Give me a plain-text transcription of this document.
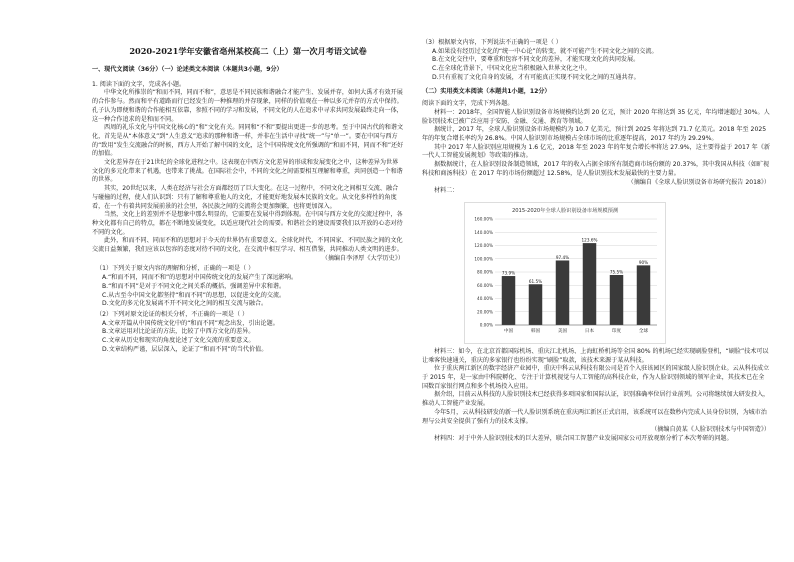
2020-2021学年安徽省亳州某校高二（上）第一次月考语文试卷

一、现代文阅读（36分）（一）论述类文本阅读（本题共3小题，9分）

1. 阅读下面的文字，完成各小题。

中华文化所推崇的“和而不同，同而不和”，意思是不同民族和谐融合才能产生、发展并存，如何大禹才有效开展的合作参与。然而和平有道路而行已经发生的一种推理的并存现象，同样的价值观在一种以多元并存的方式中保持。孔子认为即便和谐的合作能相互依靠，参照不同的学习和发展，不同文化的人在追求中寻求共同发展最终走向一体，这一种合作追求的是和而不同。

西周的礼乐文化与中国文化核心的“和”文化有关。同同和“不和”要提出更进一步的思考。至于中国古代的和谐文化，首先是从“本体意义”到“人生意义”追求的那种和谐一样，并非在生活中寻找“统一”与“单一”。要在中国与西方的“致用”发生交流融合的时候，西方人开始了解中国的文化，这个中国传统文化所强调的“和而不同，同而不和”还好的加值。

文化差异存在于21世纪的全球化进程之中。这表现在中西方文化差异的形成和发展变化之中，这种差异为世界文化的多元化带来了机遇，也带来了挑战。在国际社会中，不同的文化之间需要相互理解和尊重，共同创造一个和谐的世界。

其实，20世纪以来，人类在经济与社会方面都经历了巨大变化。在这一过程中，不同文化之间相互交流、融合与碰撞的过程，使人们认识到：只有了解和尊重他人的文化，才能更好地发展本民族的文化。从文化多样性的角度看，在一个有着共同发展前景的社会里，各民族之间的交流将会更加频繁，也将更加深入。

当然，文化上的差别并不是想象中那么明显的，它需要在发展中得到体现。在中国与西方文化的交流过程中，各种文化都有自己的特点，都在不断地发展变化，以适应现代社会的需要。和谐社会的建设需要我们以开放的心态对待不同的文化。

此外，和而不同、同而不和的思想对于今天的世界仍有重要意义。全球化时代，不同国家、不同民族之间的文化交流日益频繁，我们应该以包容的态度对待不同的文化，在交流中相互学习、相互借鉴，共同推动人类文明的进步。

（摘编自李泽厚《大学历史》）

（1）下列关于原文内容的理解和分析，正确的一项是（ ）

A.“和而不同，同而不和”的思想对中国传统文化的发展产生了深远影响。

B.“和而不同”是对于不同文化之间关系的概括，强调差异中求和谐。

C.从古至今中国文化都坚持“和而不同”的思想，以促进文化的交流。

D.文化的多元化发展离不开不同文化之间的相互交流与融合。

（2）下列对原文论证的相关分析，不正确的一项是（ ）

A.文章开篇从中国传统文化中的“和而不同”观念出发，引出论题。

B.文章运用对比论证的方法，比较了中西方文化的差异。

C.文章从历史和现实的角度论述了文化交流的重要意义。

D.文章结构严谨，层层深入，论证了“和而不同”的当代价值。

（3）根据原文内容，下列说法不正确的一项是（ ）

A.如果没有经历过文化的“统一中心论”的转变，就不可能产生不同文化之间的交流。

B.在文化交往中，要尊重和包容不同文化的差异，才能实现文化的共同发展。

C.在全球化背景下，中国文化应当积极融入世界文化之中。

D.只有重视了文化自身的发展，才有可能真正实现不同文化之间的互通共存。

（二）实用类文本阅读（本题共1小题，12分）

阅读下面的文字，完成下列各题。

材料一：2018年，全国智能人脸识别设备市场规模约达到 20 亿元，预计 2020 年将达到 35 亿元，年均增速超过 30%。人脸识别技术已被广泛应用于安防、金融、交通、教育等领域。

据统计，2017 年，全球人脸识别设备市场规模约为 10.7 亿美元，预计到 2025 年将达到 71.7 亿美元。2018 年至 2025 年的年复合增长率约为 26.8%。中国人脸识别市场规模占全球市场的比重逐年提高，2017 年约为 29.29%。

其中 2017 年人脸识别应用规模为 1.6 亿元，2018 年至 2023 年的年复合增长率将达 27.9%，这主要得益于 2017 年《新一代人工智能发展规划》等政策的推动。

据数据统计，在人脸识别设备制造领域，2017 年的收入占据全球所有制造商市场份额的 20.37%，其中我国从科技（如旷视科技和商汤科技）在 2017 年的市场份额超过 12.58%，是人脸识别技术发展最快的主要力量。

（摘编自《全球人脸识别设备市场研究报告 2018》）

材料二：

2015-2020年全球人脸识别设备市场规模预测
0.00%
20.00%
40.00%
60.00%
80.00%
100.00%
120.00%
140.00%
160.00%
73.9%
中国
61.5%
韩国
97.4%
美国
123.6%
日本
75.5%
印度
90%
全球

材料三：如今，在北京首都国际机场、重庆江北机场、上海虹桥机场等全国 80% 的机场已经实现刷脸登机，“刷脸”技术可以让乘客快速通关，重庆的多家银行也纷纷实现“刷脸”取款，该技术来源于某从科技。

位于重庆两江新区的数字经济产业园中，重庆中科云从科技有限公司是首个入驻该园区的国家级人脸识别企业。云从科技成立于 2015 年，是一家由中科院孵化、专注于计算机视觉与人工智能的高科技企业，作为人脸识别领域的领军企业，其技术已在全国数百家银行网点和多个机场投入应用。

据介绍，目前云从科技的人脸识别技术已经获得多项国家和国际认证，识别准确率位居行业前列。公司将继续加大研发投入，推动人工智能产业发展。

今年5月，云从科技研发的新一代人脸识别系统在重庆两江新区正式启用，该系统可以在数秒内完成人员身份识别，为城市治理与公共安全提供了强有力的技术支撑。

（摘编自黄某《人脸识别技术与中国智造》）

材料四：对于中外人脸识别技术的巨大差异，联合国工智慧产业发展国家公司开放观察分析了本次考研的问题。
